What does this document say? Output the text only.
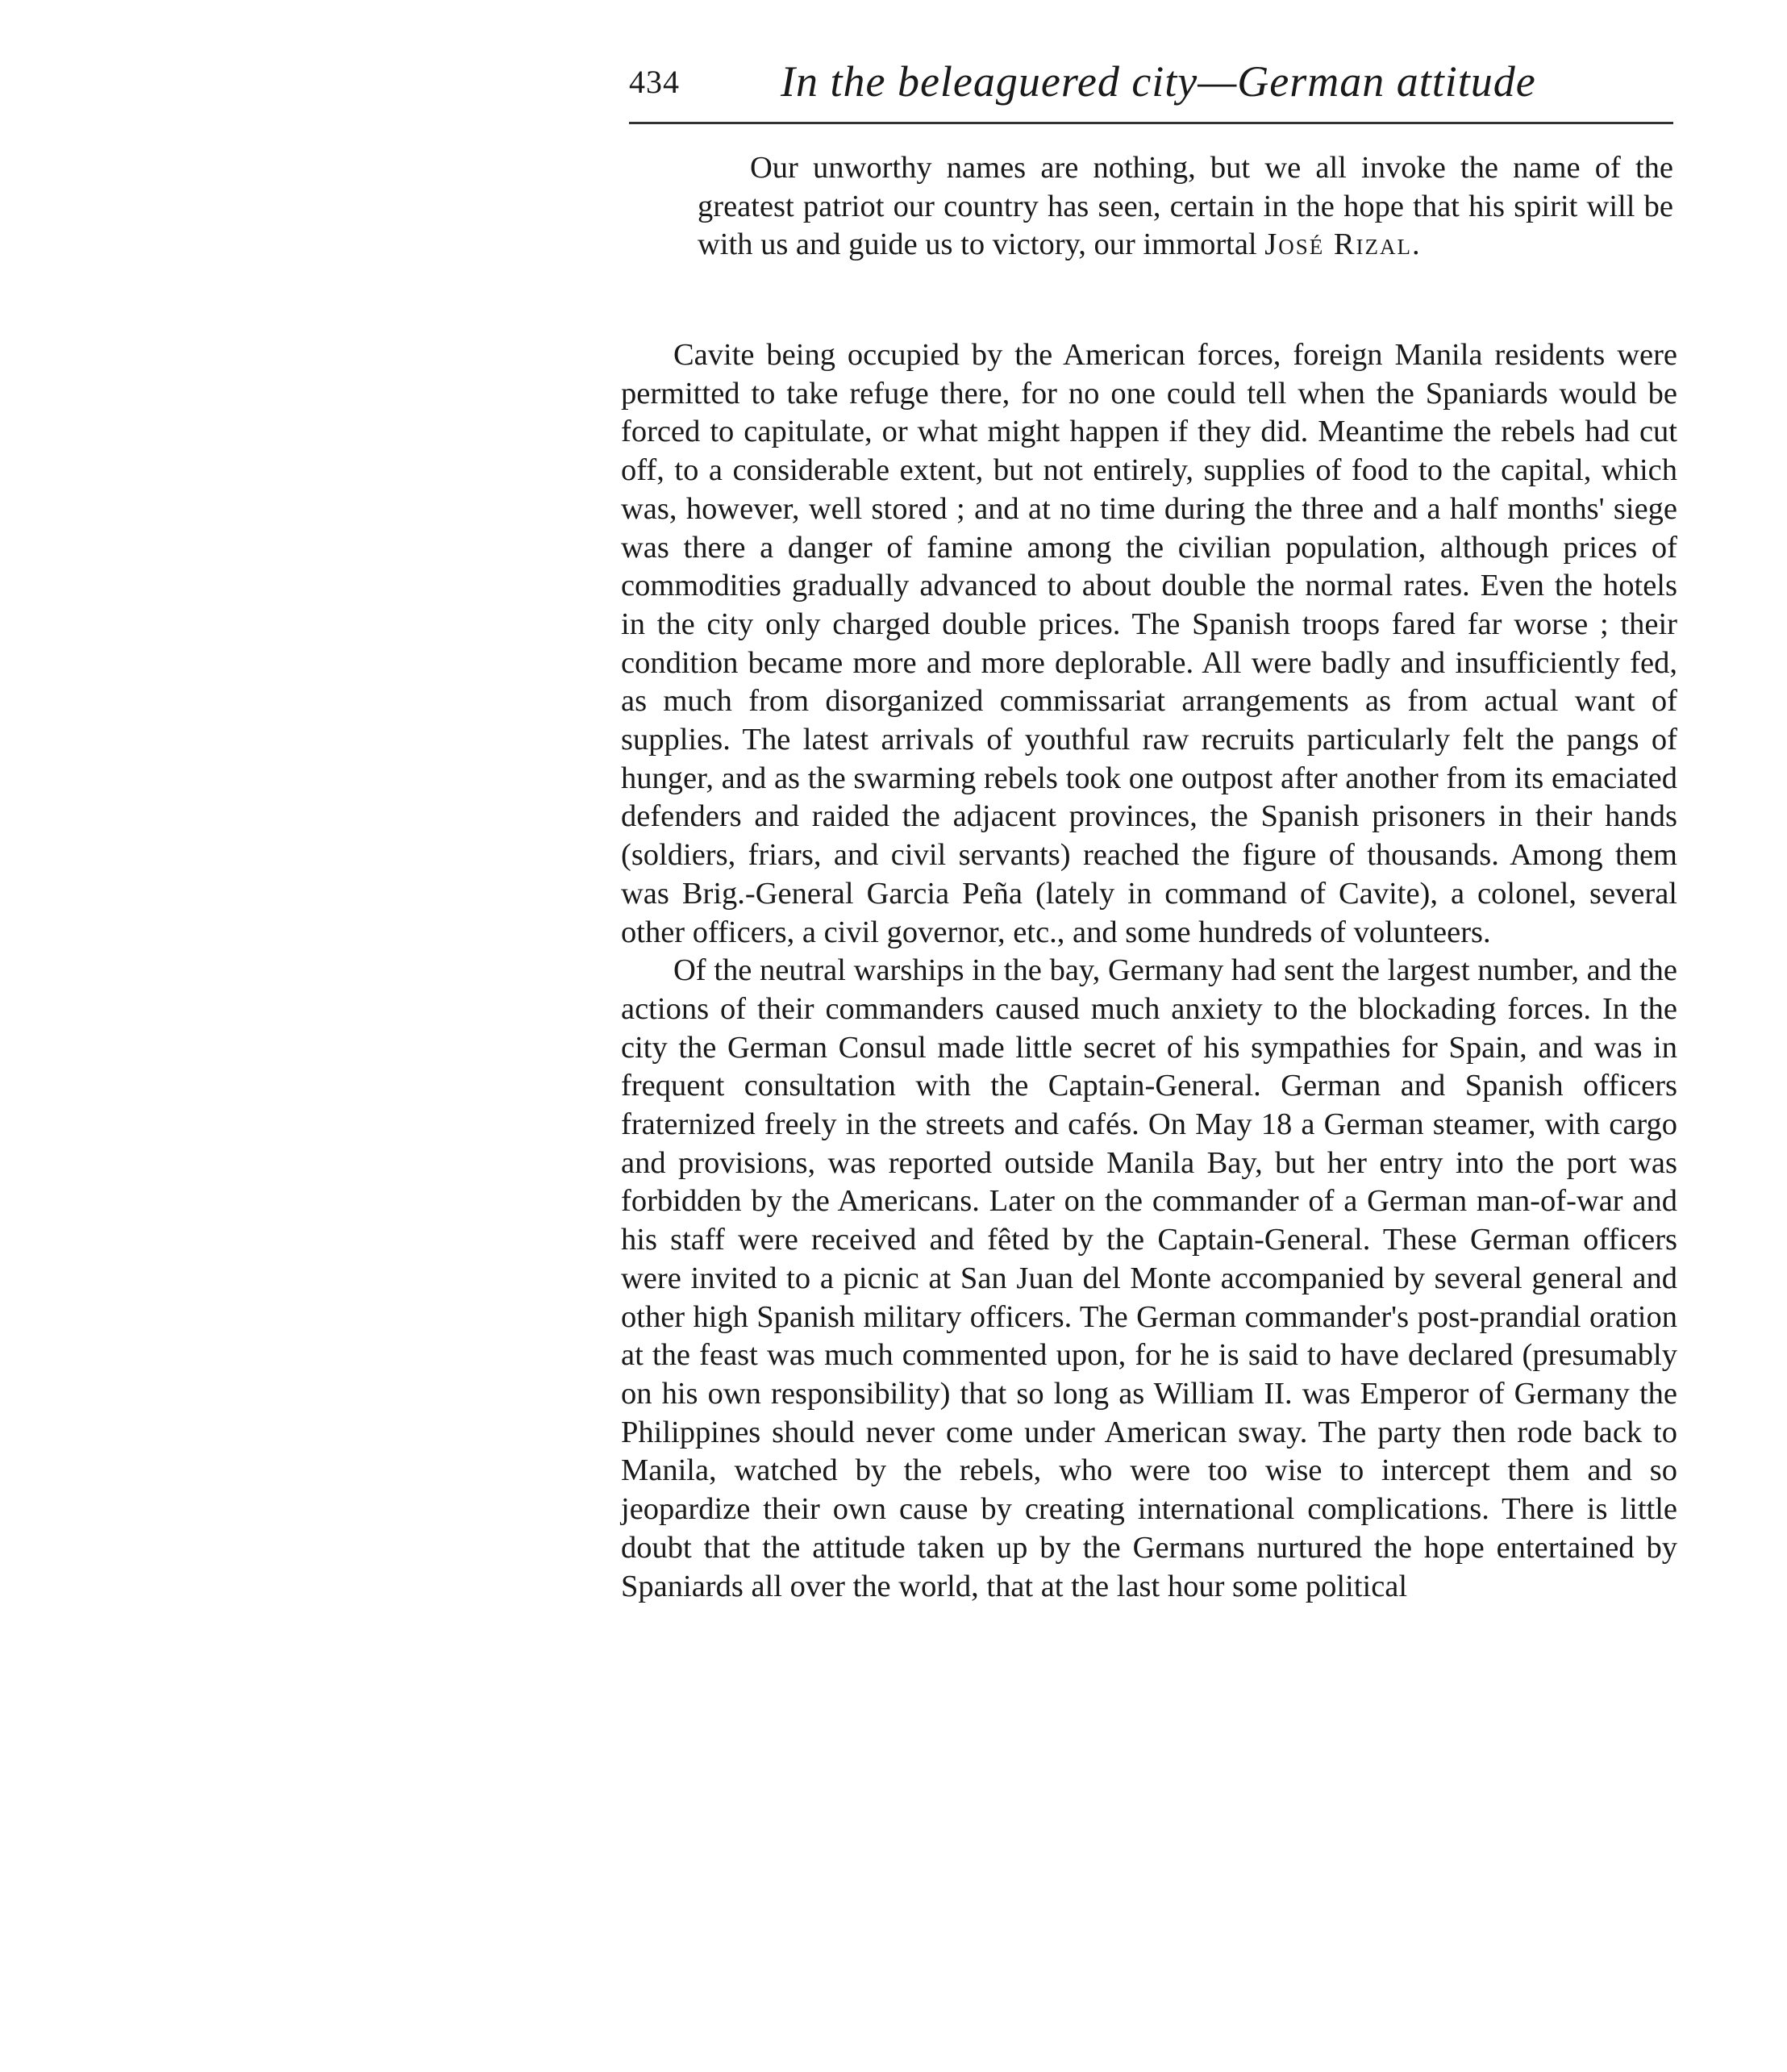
434 In the beleaguered city—German attitude

Our unworthy names are nothing, but we all invoke the name of the greatest patriot our country has seen, certain in the hope that his spirit will be with us and guide us to victory, our immortal José Rizal.

Cavite being occupied by the American forces, foreign Manila residents were permitted to take refuge there, for no one could tell when the Spaniards would be forced to capitulate, or what might happen if they did. Meantime the rebels had cut off, to a considerable extent, but not entirely, supplies of food to the capital, which was, however, well stored ; and at no time during the three and a half months' siege was there a danger of famine among the civilian population, although prices of commodities gradually advanced to about double the normal rates. Even the hotels in the city only charged double prices. The Spanish troops fared far worse ; their condition became more and more deplorable. All were badly and insufficiently fed, as much from disorganized commissariat arrangements as from actual want of supplies. The latest arrivals of youthful raw recruits particularly felt the pangs of hunger, and as the swarming rebels took one outpost after another from its emaciated defenders and raided the adjacent provinces, the Spanish prisoners in their hands (soldiers, friars, and civil servants) reached the figure of thousands. Among them was Brig.-General Garcia Peña (lately in command of Cavite), a colonel, several other officers, a civil governor, etc., and some hundreds of volunteers.

Of the neutral warships in the bay, Germany had sent the largest number, and the actions of their commanders caused much anxiety to the blockading forces. In the city the German Consul made little secret of his sympathies for Spain, and was in frequent consultation with the Captain-General. German and Spanish officers fraternized freely in the streets and cafés. On May 18 a German steamer, with cargo and provisions, was reported outside Manila Bay, but her entry into the port was forbidden by the Americans. Later on the commander of a German man-of-war and his staff were received and fêted by the Captain-General. These German officers were invited to a picnic at San Juan del Monte accompanied by several general and other high Spanish military officers. The German commander's post-prandial oration at the feast was much commented upon, for he is said to have declared (presumably on his own responsibility) that so long as William II. was Emperor of Germany the Philippines should never come under American sway. The party then rode back to Manila, watched by the rebels, who were too wise to intercept them and so jeopardize their own cause by creating international complications. There is little doubt that the attitude taken up by the Germans nurtured the hope entertained by Spaniards all over the world, that at the last hour some political
